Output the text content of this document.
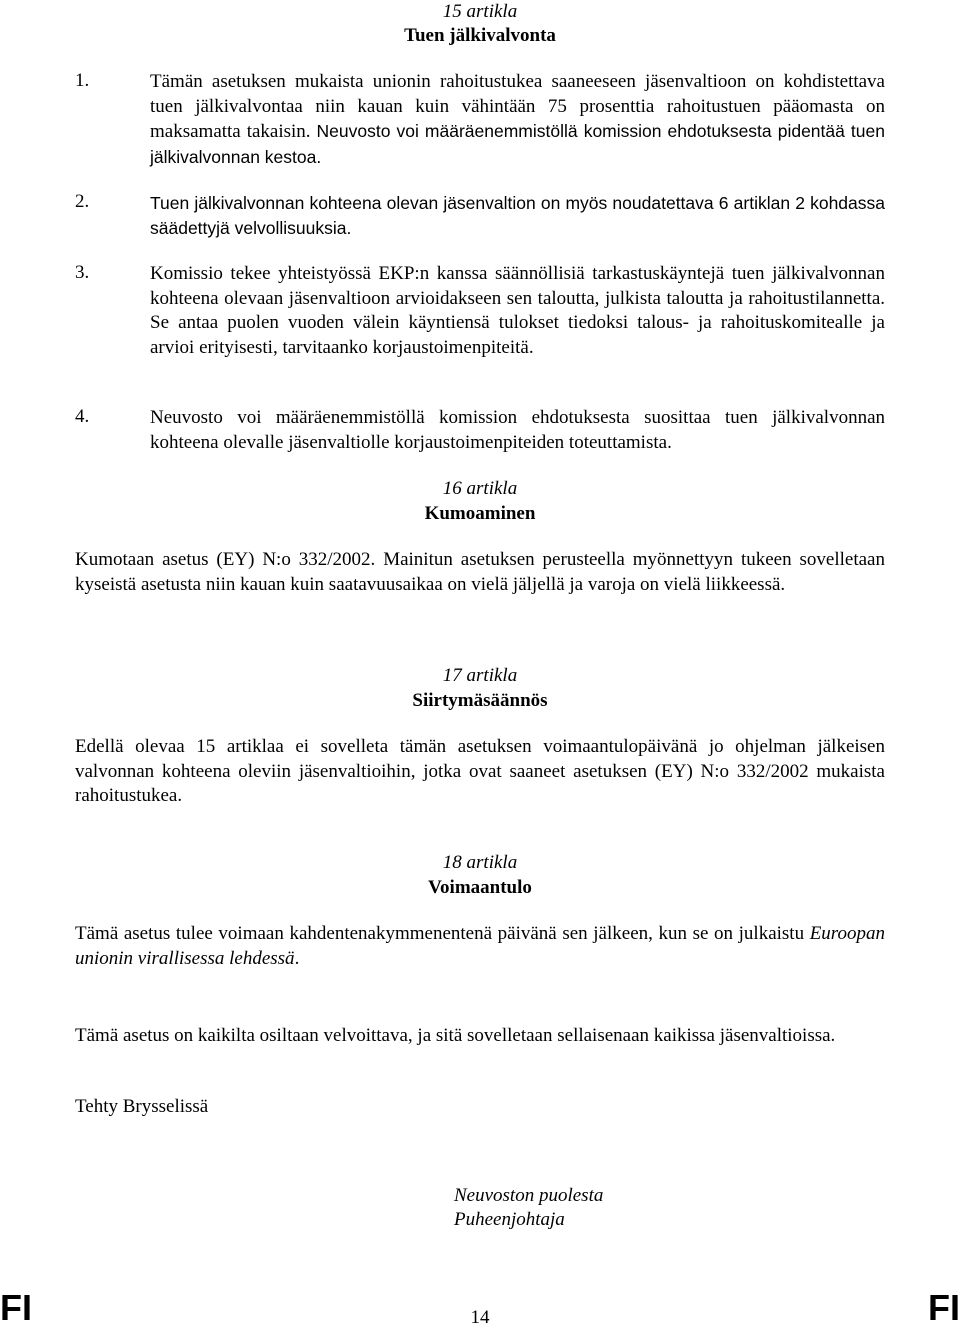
15 artikla
Tuen jälkivalvonta
1.	Tämän asetuksen mukaista unionin rahoitustukea saaneeseen jäsenvaltioon on kohdistettava tuen jälkivalvontaa niin kauan kuin vähintään 75 prosenttia rahoitustuen pääomasta on maksamatta takaisin. Neuvosto voi määräenemmistöllä komission ehdotuksesta pidentää tuen jälkivalvonnan kestoa.
2.	Tuen jälkivalvonnan kohteena olevan jäsenvaltion on myös noudatettava 6 artiklan 2 kohdassa säädettyjä velvollisuuksia.
3.	Komissio tekee yhteistyössä EKP:n kanssa säännöllisiä tarkastuskäyntejä tuen jälkivalvonnan kohteena olevaan jäsenvaltioon arvioidakseen sen taloutta, julkista taloutta ja rahoitustilannetta. Se antaa puolen vuoden välein käyntiensä tulokset tiedoksi talous- ja rahoituskomitealle ja arvioi erityisesti, tarvitaanko korjaustoimenpiteitä.
4.	Neuvosto voi määräenemmistöllä komission ehdotuksesta suosittaa tuen jälkivalvonnan kohteena olevalle jäsenvaltiolle korjaustoimenpiteiden toteuttamista.
16 artikla
Kumoaminen
Kumotaan asetus (EY) N:o 332/2002. Mainitun asetuksen perusteella myönnettyyn tukeen sovelletaan kyseistä asetusta niin kauan kuin saatavuusaikaa on vielä jäljellä ja varoja on vielä liikkeessä.
17 artikla
Siirtymäsäännös
Edellä olevaa 15 artiklaa ei sovelleta tämän asetuksen voimaantulopäivänä jo ohjelman jälkeisen valvonnan kohteena oleviin jäsenvaltioihin, jotka ovat saaneet asetuksen (EY) N:o 332/2002 mukaista rahoitustukea.
18 artikla
Voimaantulo
Tämä asetus tulee voimaan kahdentenakymmenentenä päivänä sen jälkeen, kun se on julkaistu Euroopan unionin virallisessa lehdessä.
Tämä asetus on kaikilta osiltaan velvoittava, ja sitä sovelletaan sellaisenaan kaikissa jäsenvaltioissa.
Tehty Brysselissä
Neuvoston puolesta
Puheenjohtaja
FI	14	FI
